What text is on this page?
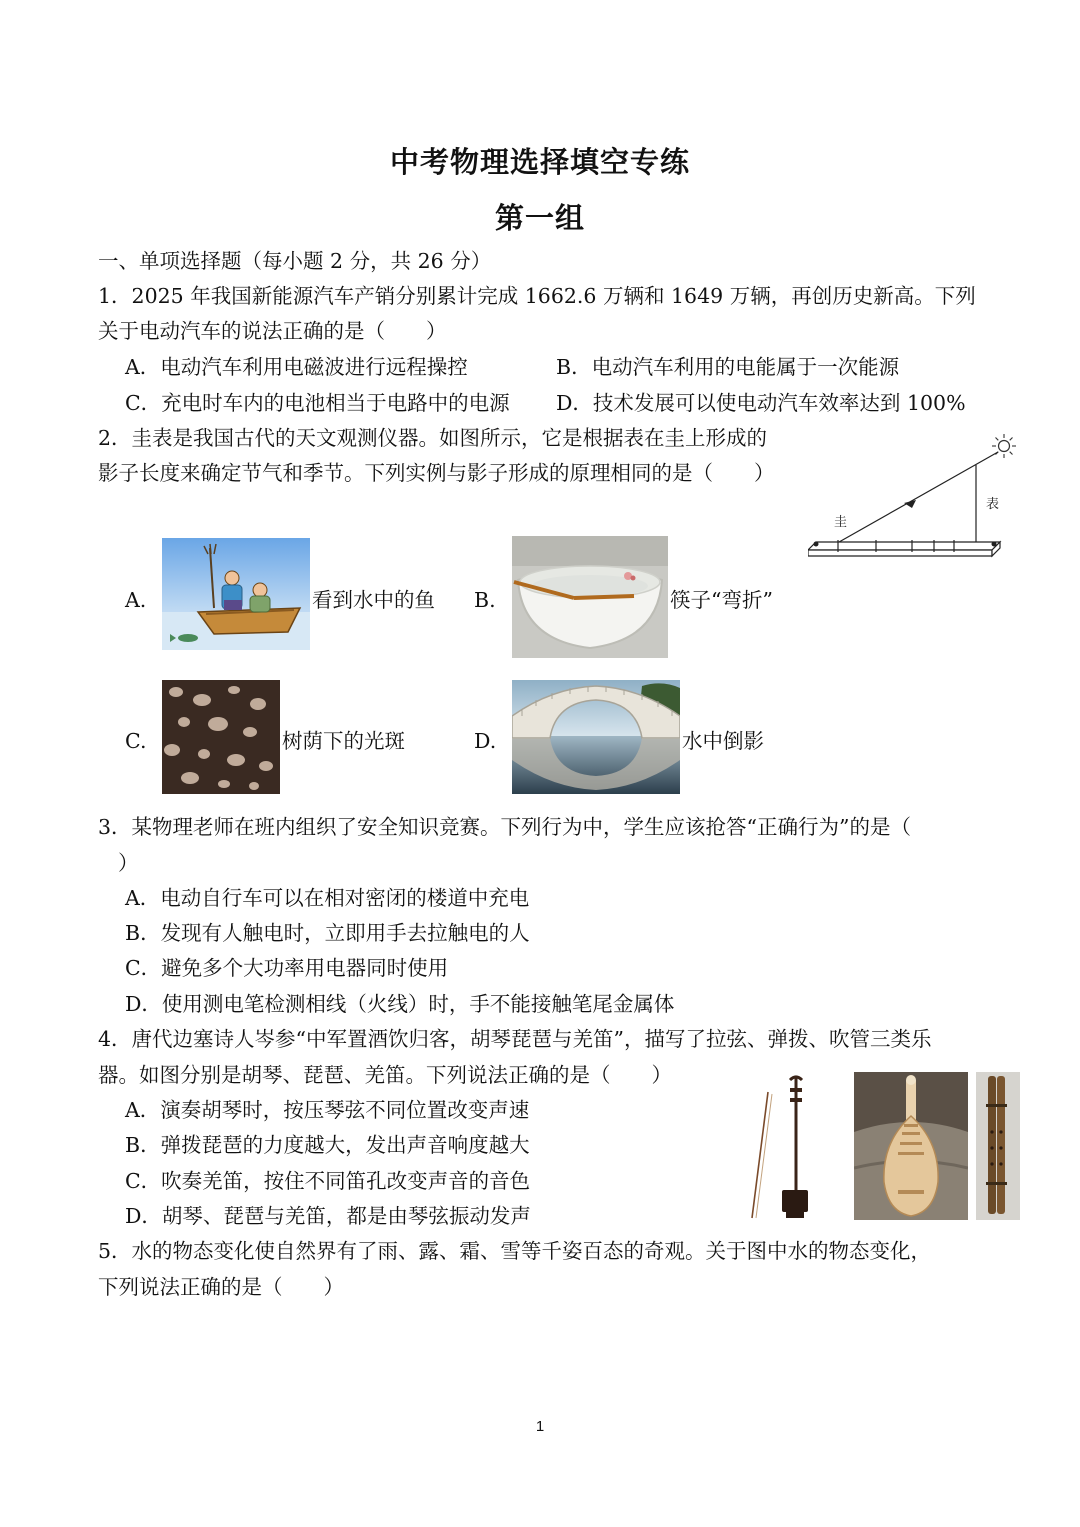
中考物理选择填空专练
第一组
一、单项选择题（每小题 2 分，共 26 分）
1．2025 年我国新能源汽车产销分别累计完成 1662.6 万辆和 1649 万辆，再创历史新高。下列
关于电动汽车的说法正确的是（　　）
A．电动汽车利用电磁波进行远程操控	B．电动汽车利用的电能属于一次能源
C．充电时车内的电池相当于电路中的电源 D．技术发展可以使电动汽车效率达到 100%
2．圭表是我国古代的天文观测仪器。如图所示，它是根据表在圭上形成的
影子长度来确定节气和季节。下列实例与影子形成的原理相同的是（　　）
表
圭
A.	看到水中的鱼 B.	筷子“弯折”
C.	树荫下的光斑	D.	水中倒影
3．某物理老师在班内组织了安全知识竞赛。下列行为中，学生应该抢答“正确行为”的是（
）
A．电动自行车可以在相对密闭的楼道中充电
B．发现有人触电时，立即用手去拉触电的人
C．避免多个大功率用电器同时使用
D．使用测电笔检测相线（火线）时，手不能接触笔尾金属体
4．唐代边塞诗人岑参“中军置酒饮归客，胡琴琵琶与羌笛”，描写了拉弦、弹拨、吹管三类乐
器。如图分别是胡琴、琵琶、羌笛。下列说法正确的是（　　）
A．演奏胡琴时，按压琴弦不同位置改变声速
B．弹拨琵琶的力度越大，发出声音响度越大
C．吹奏羌笛，按住不同笛孔改变声音的音色
D．胡琴、琵琶与羌笛，都是由琴弦振动发声
5．水的物态变化使自然界有了雨、露、霜、雪等千姿百态的奇观。关于图中水的物态变化，
下列说法正确的是（　　）
1
